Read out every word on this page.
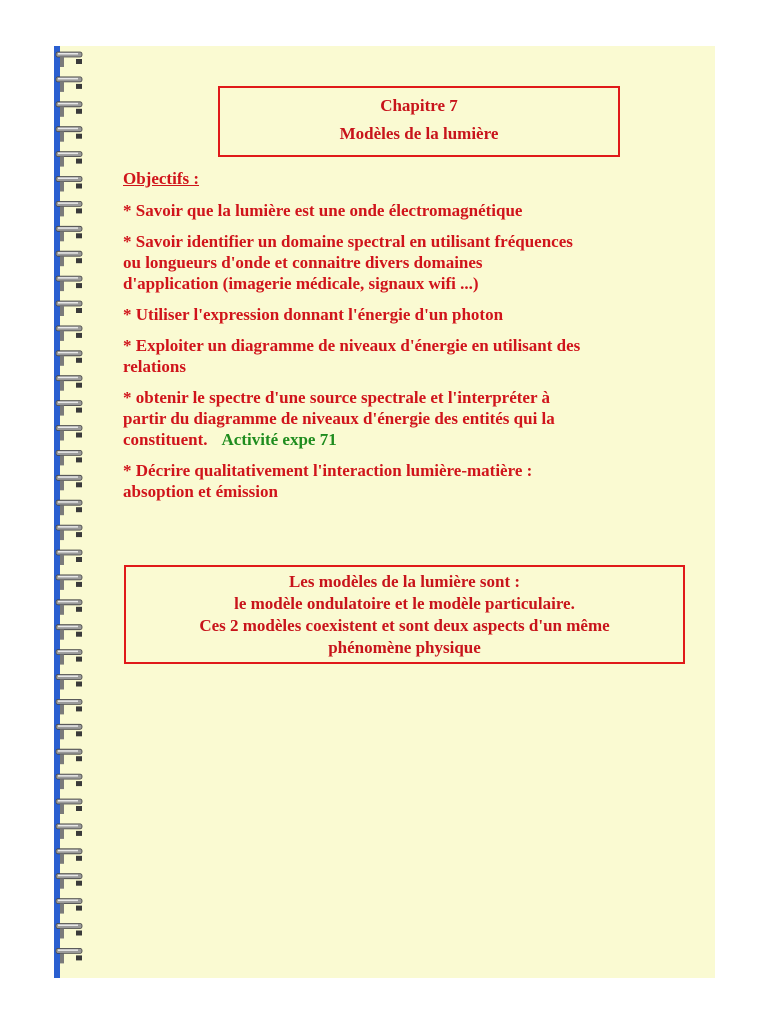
Chapitre 7
Modèles de la lumière
Objectifs :
* Savoir que la lumière est une onde électromagnétique
* Savoir identifier un domaine spectral en utilisant fréquences
ou longueurs d'onde et connaitre divers domaines
d'application (imagerie médicale, signaux wifi ...)
* Utiliser l'expression donnant l'énergie d'un photon
* Exploiter un diagramme de niveaux d'énergie en utilisant des
relations
* obtenir le spectre d'une source spectrale et l'interpréter à
partir du diagramme de niveaux d'énergie des entités qui la
constituent. Activité expe 71
* Décrire qualitativement l'interaction lumière-matière :
absoption et émission
Les modèles de la lumière sont :
le modèle ondulatoire et le modèle particulaire.
Ces 2 modèles coexistent et sont deux aspects d'un même
phénomène physique
